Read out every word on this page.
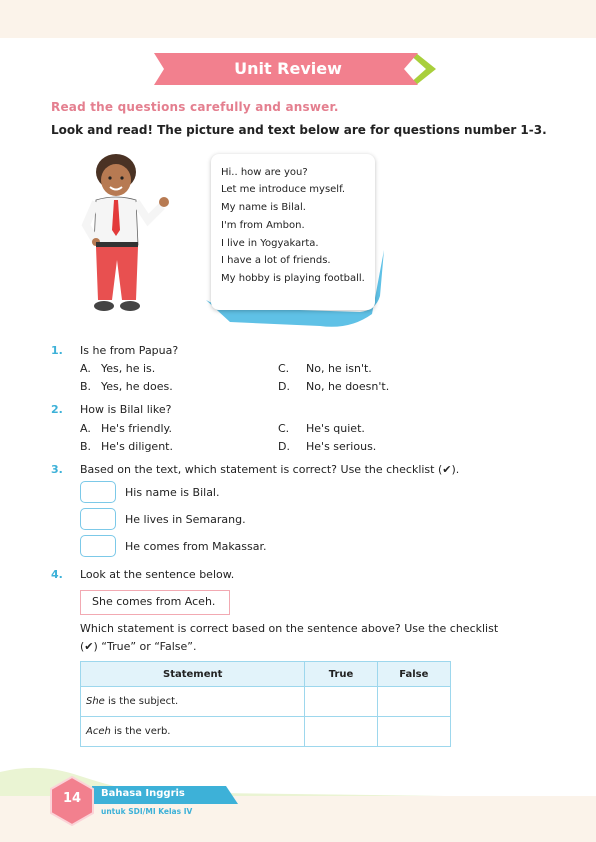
Unit Review
Read the questions carefully and answer.
Look and read! The picture and text below are for questions number 1-3.
Hi.. how are you?
Let me introduce myself.
My name is Bilal.
I'm from Ambon.
I live in Yogyakarta.
I have a lot of friends.
My hobby is playing football.
1. Is he from Papua?
A. Yes, he is.
B. Yes, he does.
C. No, he isn't.
D. No, he doesn't.
2. How is Bilal like?
A. He's friendly.
B. He's diligent.
C. He's quiet.
D. He's serious.
3. Based on the text, which statement is correct? Use the checklist (✔).
His name is Bilal.
He lives in Semarang.
He comes from Makassar.
4. Look at the sentence below.
She comes from Aceh.
Which statement is correct based on the sentence above? Use the checklist
(✔) “True” or “False”.
Statement	True	False
She is the subject.		
Aceh is the verb.		
Bahasa Inggris
untuk SDI/MI Kelas IV
14
